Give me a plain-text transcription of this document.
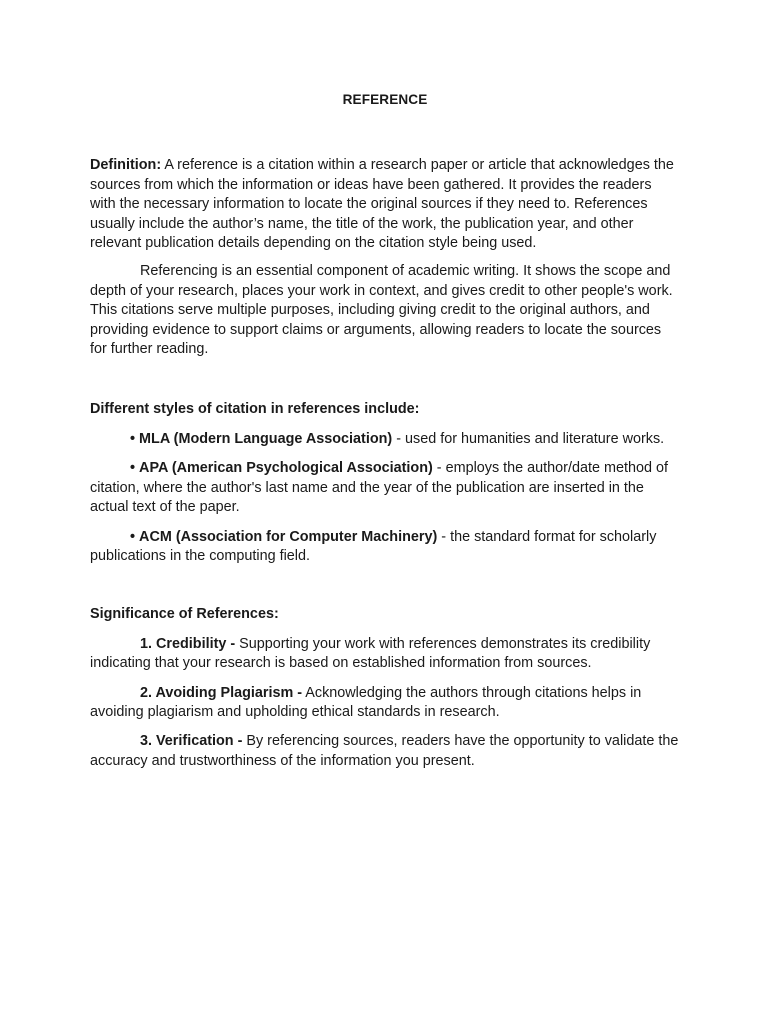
REFERENCE

Definition: A reference is a citation within a research paper or article that acknowledges the sources from which the information or ideas have been gathered. It provides the readers with the necessary information to locate the original sources if they need to. References usually include the author’s name, the title of the work, the publication year, and other relevant publication details depending on the citation style being used.

Referencing is an essential component of academic writing. It shows the scope and depth of your research, places your work in context, and gives credit to other people's work. This citations serve multiple purposes, including giving credit to the original authors, and providing evidence to support claims or arguments, allowing readers to locate the sources for further reading.

Different styles of citation in references include:

• MLA (Modern Language Association) - used for humanities and literature works.

• APA (American Psychological Association) - employs the author/date method of citation, where the author's last name and the year of the publication are inserted in the actual text of the paper.

• ACM (Association for Computer Machinery) - the standard format for scholarly publications in the computing field.

Significance of References:

1. Credibility - Supporting your work with references demonstrates its credibility indicating that your research is based on established information from sources.

2. Avoiding Plagiarism - Acknowledging the authors through citations helps in avoiding plagiarism and upholding ethical standards in research.

3. Verification - By referencing sources, readers have the opportunity to validate the accuracy and trustworthiness of the information you present.
